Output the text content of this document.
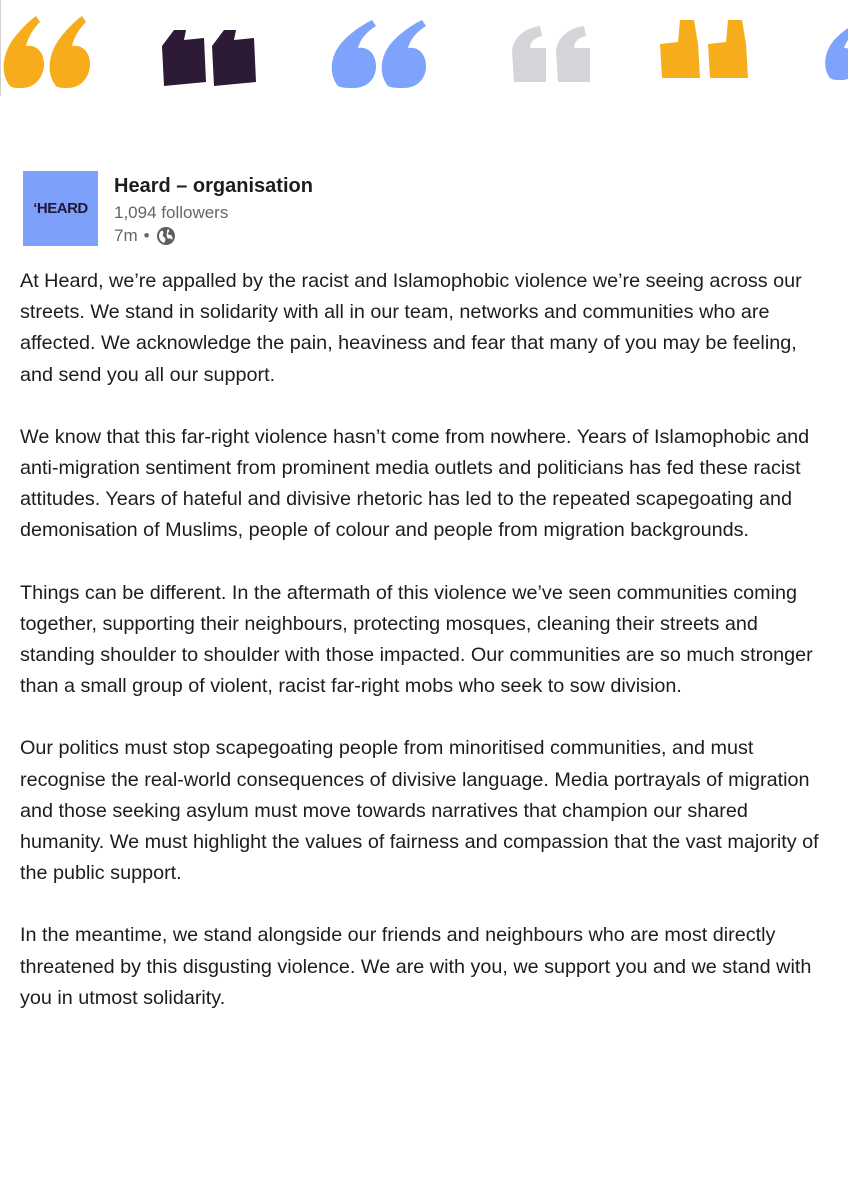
‘HEARD
Heard – organisation
1,094 followers
7m •

At Heard, we’re appalled by the racist and Islamophobic violence we’re seeing across our streets. We stand in solidarity with all in our team, networks and communities who are affected. We acknowledge the pain, heaviness and fear that many of you may be feeling, and send you all our support.

We know that this far-right violence hasn’t come from nowhere. Years of Islamophobic and anti-migration sentiment from prominent media outlets and politicians has fed these racist attitudes. Years of hateful and divisive rhetoric has led to the repeated scapegoating and demonisation of Muslims, people of colour and people from migration backgrounds.

Things can be different. In the aftermath of this violence we’ve seen communities coming together, supporting their neighbours, protecting mosques, cleaning their streets and standing shoulder to shoulder with those impacted. Our communities are so much stronger than a small group of violent, racist far-right mobs who seek to sow division.

Our politics must stop scapegoating people from minoritised communities, and must recognise the real-world consequences of divisive language. Media portrayals of migration and those seeking asylum must move towards narratives that champion our shared humanity. We must highlight the values of fairness and compassion that the vast majority of the public support.

In the meantime, we stand alongside our friends and neighbours who are most directly threatened by this disgusting violence. We are with you, we support you and we stand with you in utmost solidarity.
